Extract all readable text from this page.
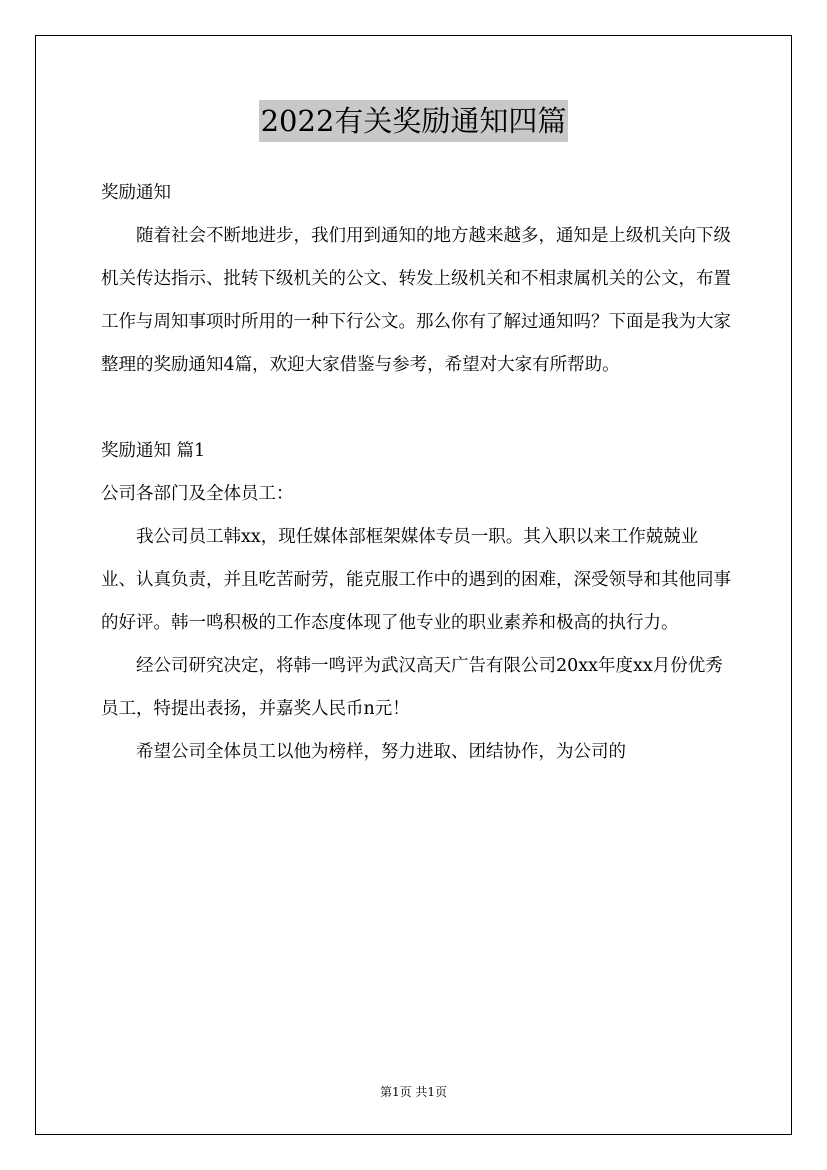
2022有关奖励通知四篇

奖励通知

随着社会不断地进步，我们用到通知的地方越来越多，通知是上级机关向下级机关传达指示、批转下级机关的公文、转发上级机关和不相隶属机关的公文，布置工作与周知事项时所用的一种下行公文。那么你有了解过通知吗？下面是我为大家整理的奖励通知4篇，欢迎大家借鉴与参考，希望对大家有所帮助。

奖励通知 篇1

公司各部门及全体员工：

我公司员工韩xx，现任媒体部框架媒体专员一职。其入职以来工作兢兢业业、认真负责，并且吃苦耐劳，能克服工作中的遇到的困难，深受领导和其他同事的好评。韩一鸣积极的工作态度体现了他专业的职业素养和极高的执行力。

经公司研究决定，将韩一鸣评为武汉高天广告有限公司20xx年度xx月份优秀员工，特提出表扬，并嘉奖人民币n元！

希望公司全体员工以他为榜样，努力进取、团结协作，为公司的

第1页 共1页
